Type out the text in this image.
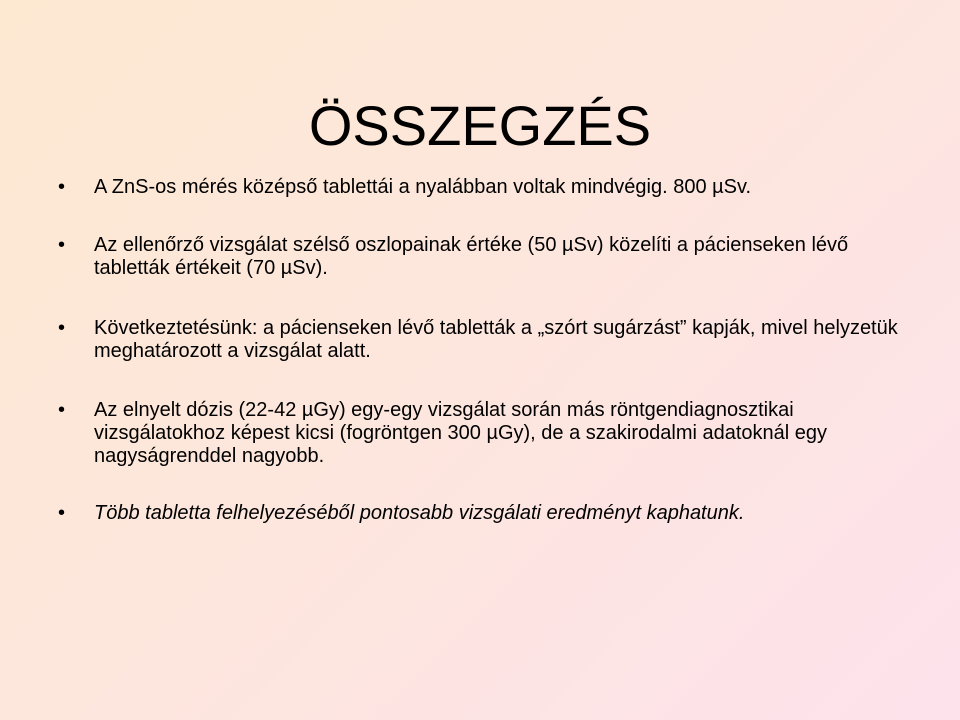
ÖSSZEGZÉS
• A ZnS-os mérés középső tablettái a nyalábban voltak mindvégig. 800 µSv.
• Az ellenőrző vizsgálat szélső oszlopainak értéke (50 µSv) közelíti a pácienseken lévő tabletták értékeit (70 µSv).
• Következtetésünk: a pácienseken lévő tabletták a „szórt sugárzást” kapják, mivel helyzetük meghatározott a vizsgálat alatt.
• Az elnyelt dózis (22-42 µGy) egy-egy vizsgálat során más röntgendiagnosztikai vizsgálatokhoz képest kicsi (fogröntgen 300 µGy), de a szakirodalmi adatoknál egy nagyságrenddel nagyobb.
• Több tabletta felhelyezéséből pontosabb vizsgálati eredményt kaphatunk.
